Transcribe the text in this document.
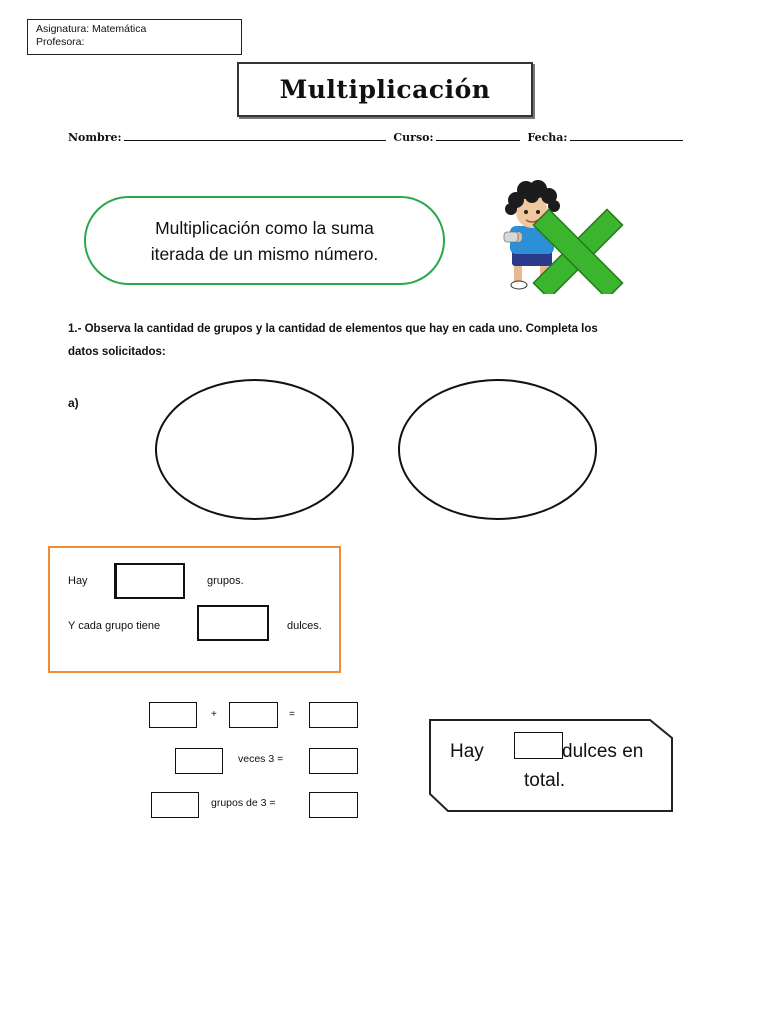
Asignatura: Matemática
Profesora:
Multiplicación
Nombre:	Curso:	Fecha:
Multiplicación como la suma
iterada de un mismo número.
1.- Observa la cantidad de grupos y la cantidad de elementos que hay en cada uno. Completa los
datos solicitados:
a)
Hay	grupos.
Y cada grupo tiene	dulces.
+	=
veces 3 =
grupos de 3 =
Hay	dulces en
total.
